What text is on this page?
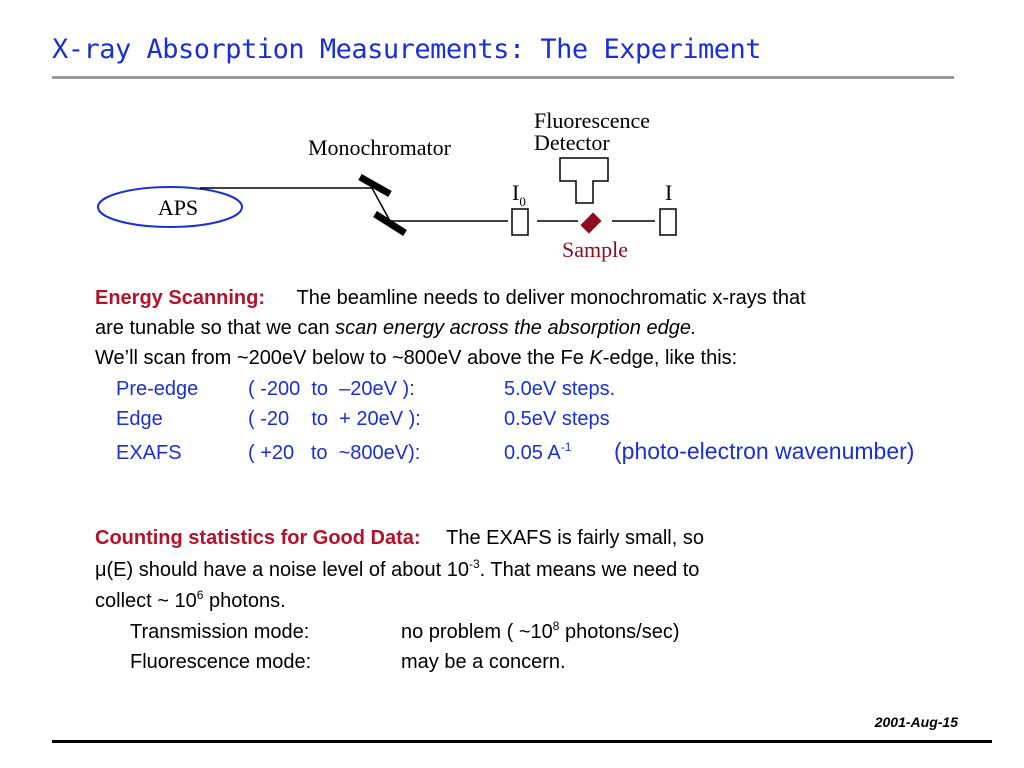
X-ray Absorption Measurements: The Experiment
APS
Monochromator
$I_0$
Fluorescence
Detector
Sample
I
Energy Scanning: The beamline needs to deliver monochromatic x-rays that
are tunable so that we can scan energy across the absorption edge.
We’ll scan from ~200eV below to ~800eV above the Fe K-edge, like this:
Pre-edge ( -200  to  –20eV ):	5.0eV steps.
Edge	( -20    to  + 20eV ):	0.5eV steps
EXAFS	( +20   to  ~800eV):	0.05 $A^{-1}$ (photo-electron wavenumber)
Counting statistics for Good Data: The EXAFS is fairly small, so
μ(E) should have a noise level of about $10^{-3}$. That means we need to
collect ~ $10^6$ photons.
Transmission mode:	no problem ( $\sim 10^8$ photons/sec)
Fluorescence mode:	may be a concern.
2001-Aug-15
